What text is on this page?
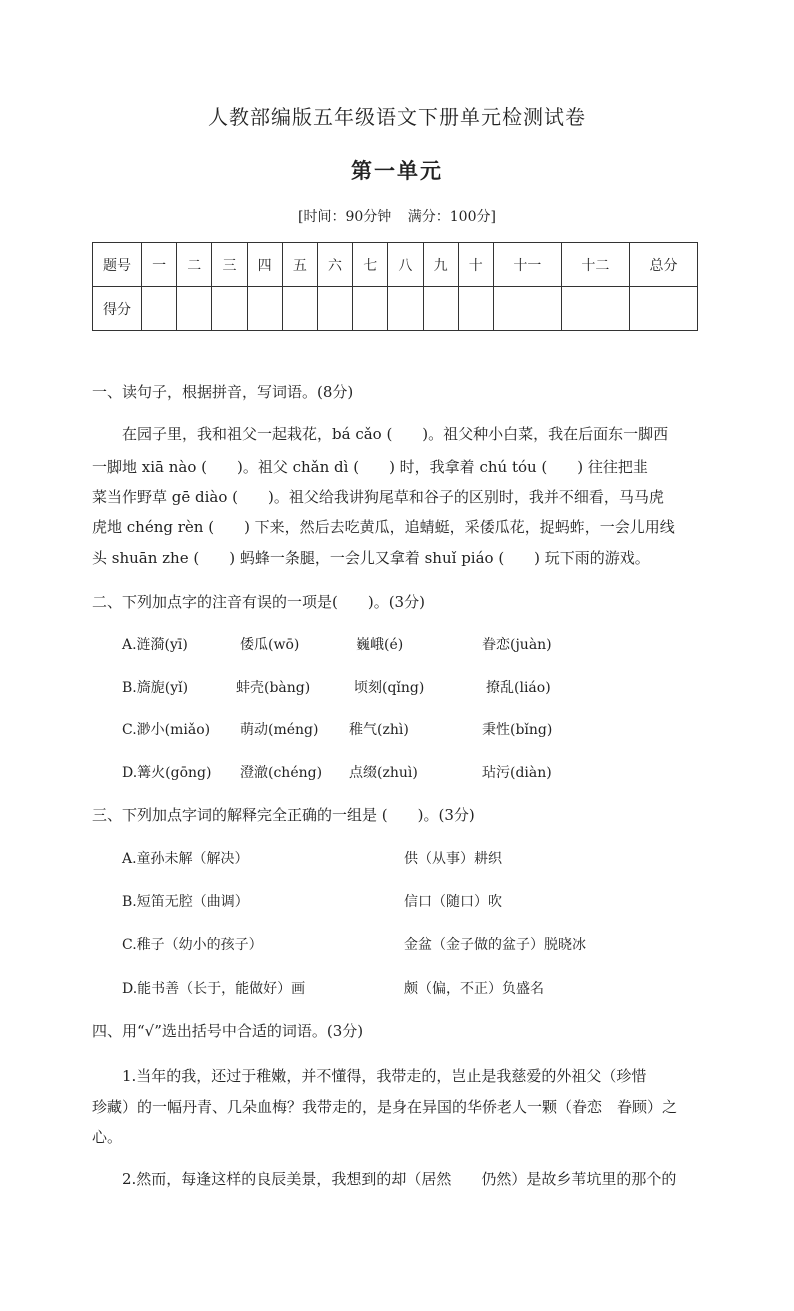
人教部编版五年级语文下册单元检测试卷
第一单元
[时间：90分钟 满分：100分]
题号	一	二	三	四	五	六	七	八	九	十	十一	十二	总分
得分													
一、读句子，根据拼音，写词语。(8分)
在园子里，我和祖父一起栽花，bá cǎo (　　)。祖父种小白菜，我在后面东一脚西
一脚地 xiā nào (　　)。祖父 chǎn dì (　　) 时，我拿着 chú tóu (　　) 往往把韭
菜当作野草 gē diào (　　)。祖父给我讲狗尾草和谷子的区别时，我并不细看，马马虎
虎地 chéng rèn (　　) 下来，然后去吃黄瓜，追蜻蜓，采倭瓜花，捉蚂蚱，一会儿用线
头 shuān zhe (　　) 蚂蜂一条腿，一会儿又拿着 shuǐ piáo (　　) 玩下雨的游戏。
二、下列加点字的注音有误的一项是(　　)。(3分)
A.涟漪(yī)	倭瓜(wō)	巍峨(é)	眷恋(juàn)
B.旖旎(yǐ)	蚌壳(bàng)	顷刻(qǐng)	撩乱(liáo)
C.渺小(miǎo) 萌动(méng) 稚气(zhì)	秉性(bǐng)
D.篝火(gōng) 澄澈(chéng) 点缀(zhuì)	玷污(diàn)
三、下列加点字词的解释完全正确的一组是 (　　)。(3分)
A.童孙未解（解决）	供（从事）耕织
B.短笛无腔（曲调）	信口（随口）吹
C.稚子（幼小的孩子）	金盆（金子做的盆子）脱晓冰
D.能书善（长于，能做好）画	颇（偏，不正）负盛名
四、用“√”选出括号中合适的词语。(3分)
1.当年的我，还过于稚嫩，并不懂得，我带走的，岂止是我慈爱的外祖父（珍惜
珍藏）的一幅丹青、几朵血梅？我带走的，是身在异国的华侨老人一颗（眷恋　眷顾）之
心。
2.然而，每逢这样的良辰美景，我想到的却（居然　　仍然）是故乡苇坑里的那个的
